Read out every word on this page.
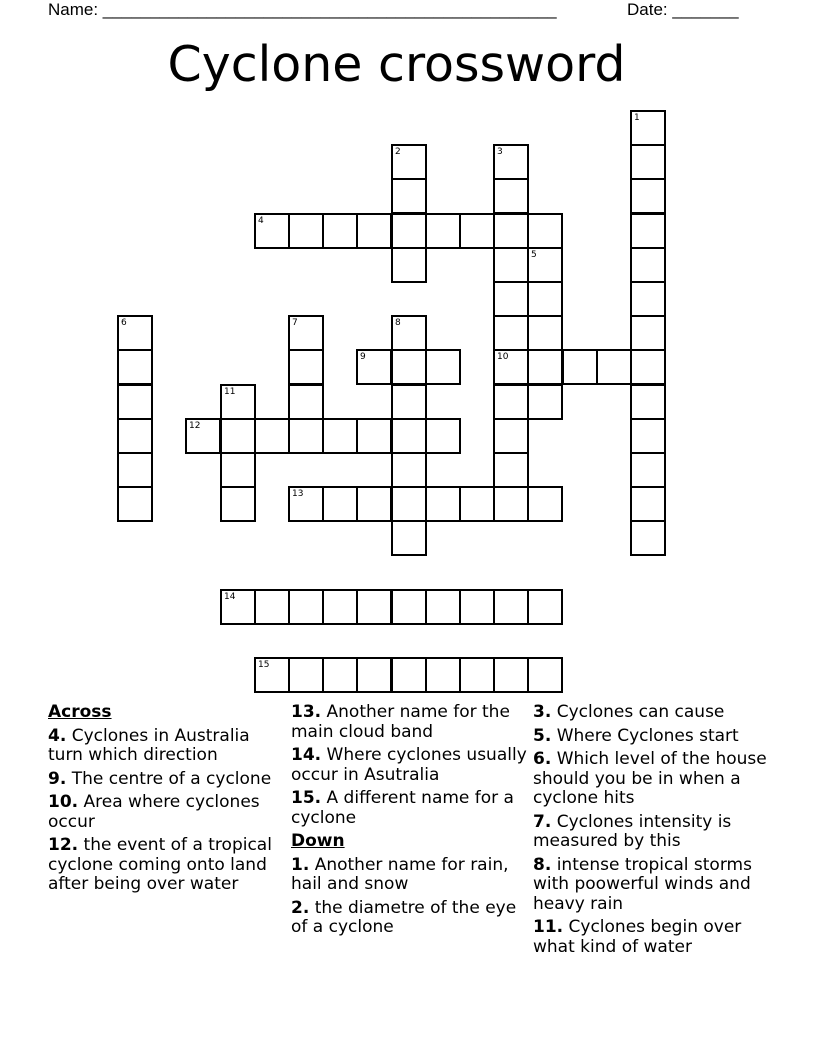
Name: ________________________________________________	Date: _______
Cyclone crossword
1
2	3
10
4
5
6	7	8
9
11
12
13
14
15
Across
4. Cyclones in Australia turn which direction
9. The centre of a cyclone
10. Area where cyclones occur
12. the event of a tropical cyclone coming onto land after being over water
13. Another name for the main cloud band
14. Where cyclones usually occur in Asutralia
15. A different name for a cyclone
Down
1. Another name for rain, hail and snow
2. the diametre of the eye of a cyclone
3. Cyclones can cause
5. Where Cyclones start
6. Which level of the house should you be in when a cyclone hits
7. Cyclones intensity is measured by this
8. intense tropical storms with poowerful winds and heavy rain
11. Cyclones begin over what kind of water
